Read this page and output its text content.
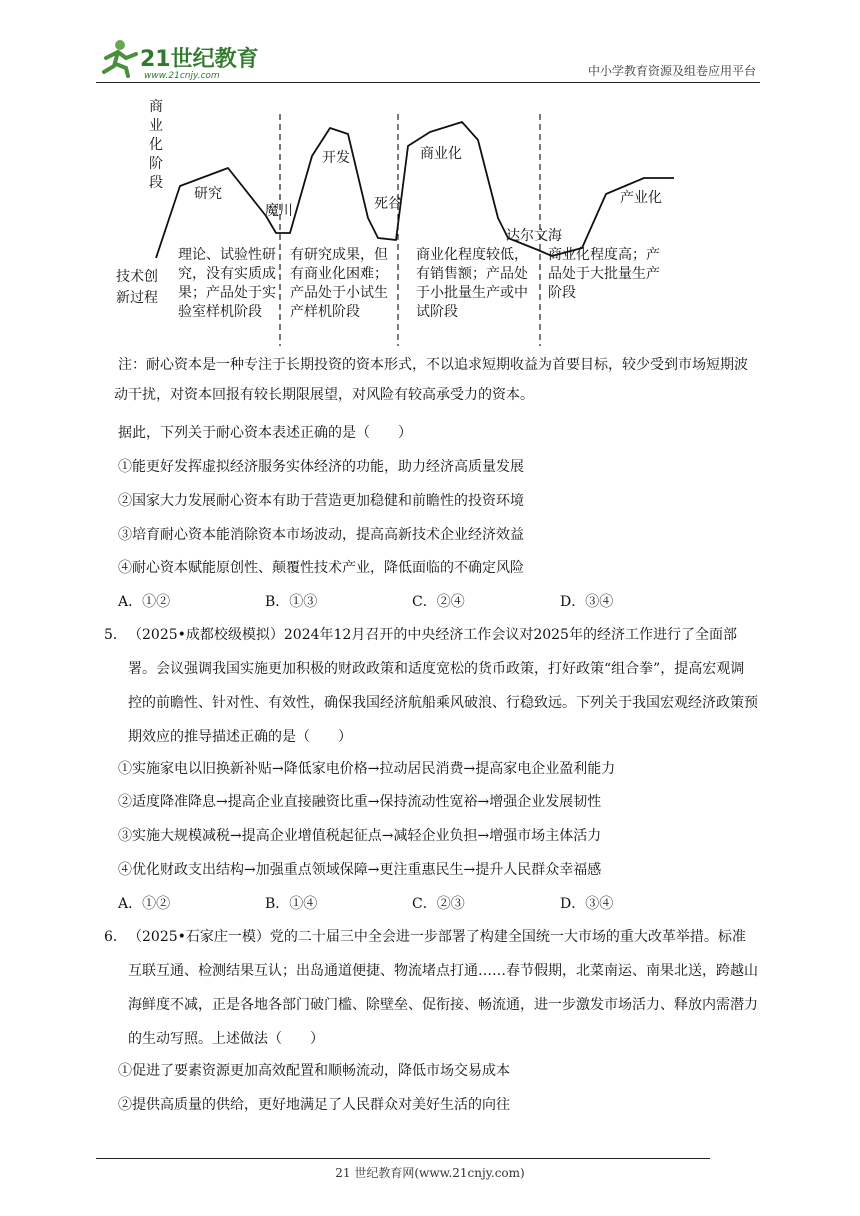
21世纪教育
www.21cnjy.com	中小学教育资源及组卷应用平台
商业化阶段
技术创新过程
研究
魔川
开发
死谷
商业化
达尔文海
产业化
理论、试验性研究，没有实质成果；产品处于实验室样机阶段
有研究成果，但有商业化困难；产品处于小试生产样机阶段
商业化程度较低，有销售额；产品处于小批量生产或中试阶段
商业化程度高；产品处于大批量生产阶段
注：耐心资本是一种专注于长期投资的资本形式，不以追求短期收益为首要目标，较少受到市场短期波动干扰，对资本回报有较长期限展望，对风险有较高承受力的资本。
据此，下列关于耐心资本表述正确的是（　　）
①能更好发挥虚拟经济服务实体经济的功能，助力经济高质量发展
②国家大力发展耐心资本有助于营造更加稳健和前瞻性的投资环境
③培育耐心资本能消除资本市场波动，提高高新技术企业经济效益
④耐心资本赋能原创性、颠覆性技术产业，降低面临的不确定风险
A．①②	B．①③	C．②④	D．③④
5． （2025•成都校级模拟）2024年12月召开的中央经济工作会议对2025年的经济工作进行了全面部署。会议强调我国实施更加积极的财政政策和适度宽松的货币政策，打好政策“组合拳”，提高宏观调控的前瞻性、针对性、有效性，确保我国经济航船乘风破浪、行稳致远。下列关于我国宏观经济政策预期效应的推导描述正确的是（　　）
①实施家电以旧换新补贴→降低家电价格→拉动居民消费→提高家电企业盈利能力
②适度降准降息→提高企业直接融资比重→保持流动性宽裕→增强企业发展韧性
③实施大规模减税→提高企业增值税起征点→减轻企业负担→增强市场主体活力
④优化财政支出结构→加强重点领域保障→更注重惠民生→提升人民群众幸福感
A．①②	B．①④	C．②③	D．③④
6． （2025•石家庄一模）党的二十届三中全会进一步部署了构建全国统一大市场的重大改革举措。标准互联互通、检测结果互认；出岛通道便捷、物流堵点打通……春节假期，北菜南运、南果北送，跨越山海鲜度不减，正是各地各部门破门槛、除壁垒、促衔接、畅流通，进一步激发市场活力、释放内需潜力的生动写照。上述做法（　　）
①促进了要素资源更加高效配置和顺畅流动，降低市场交易成本
②提供高质量的供给，更好地满足了人民群众对美好生活的向往
21 世纪教育网(www.21cnjy.com)
